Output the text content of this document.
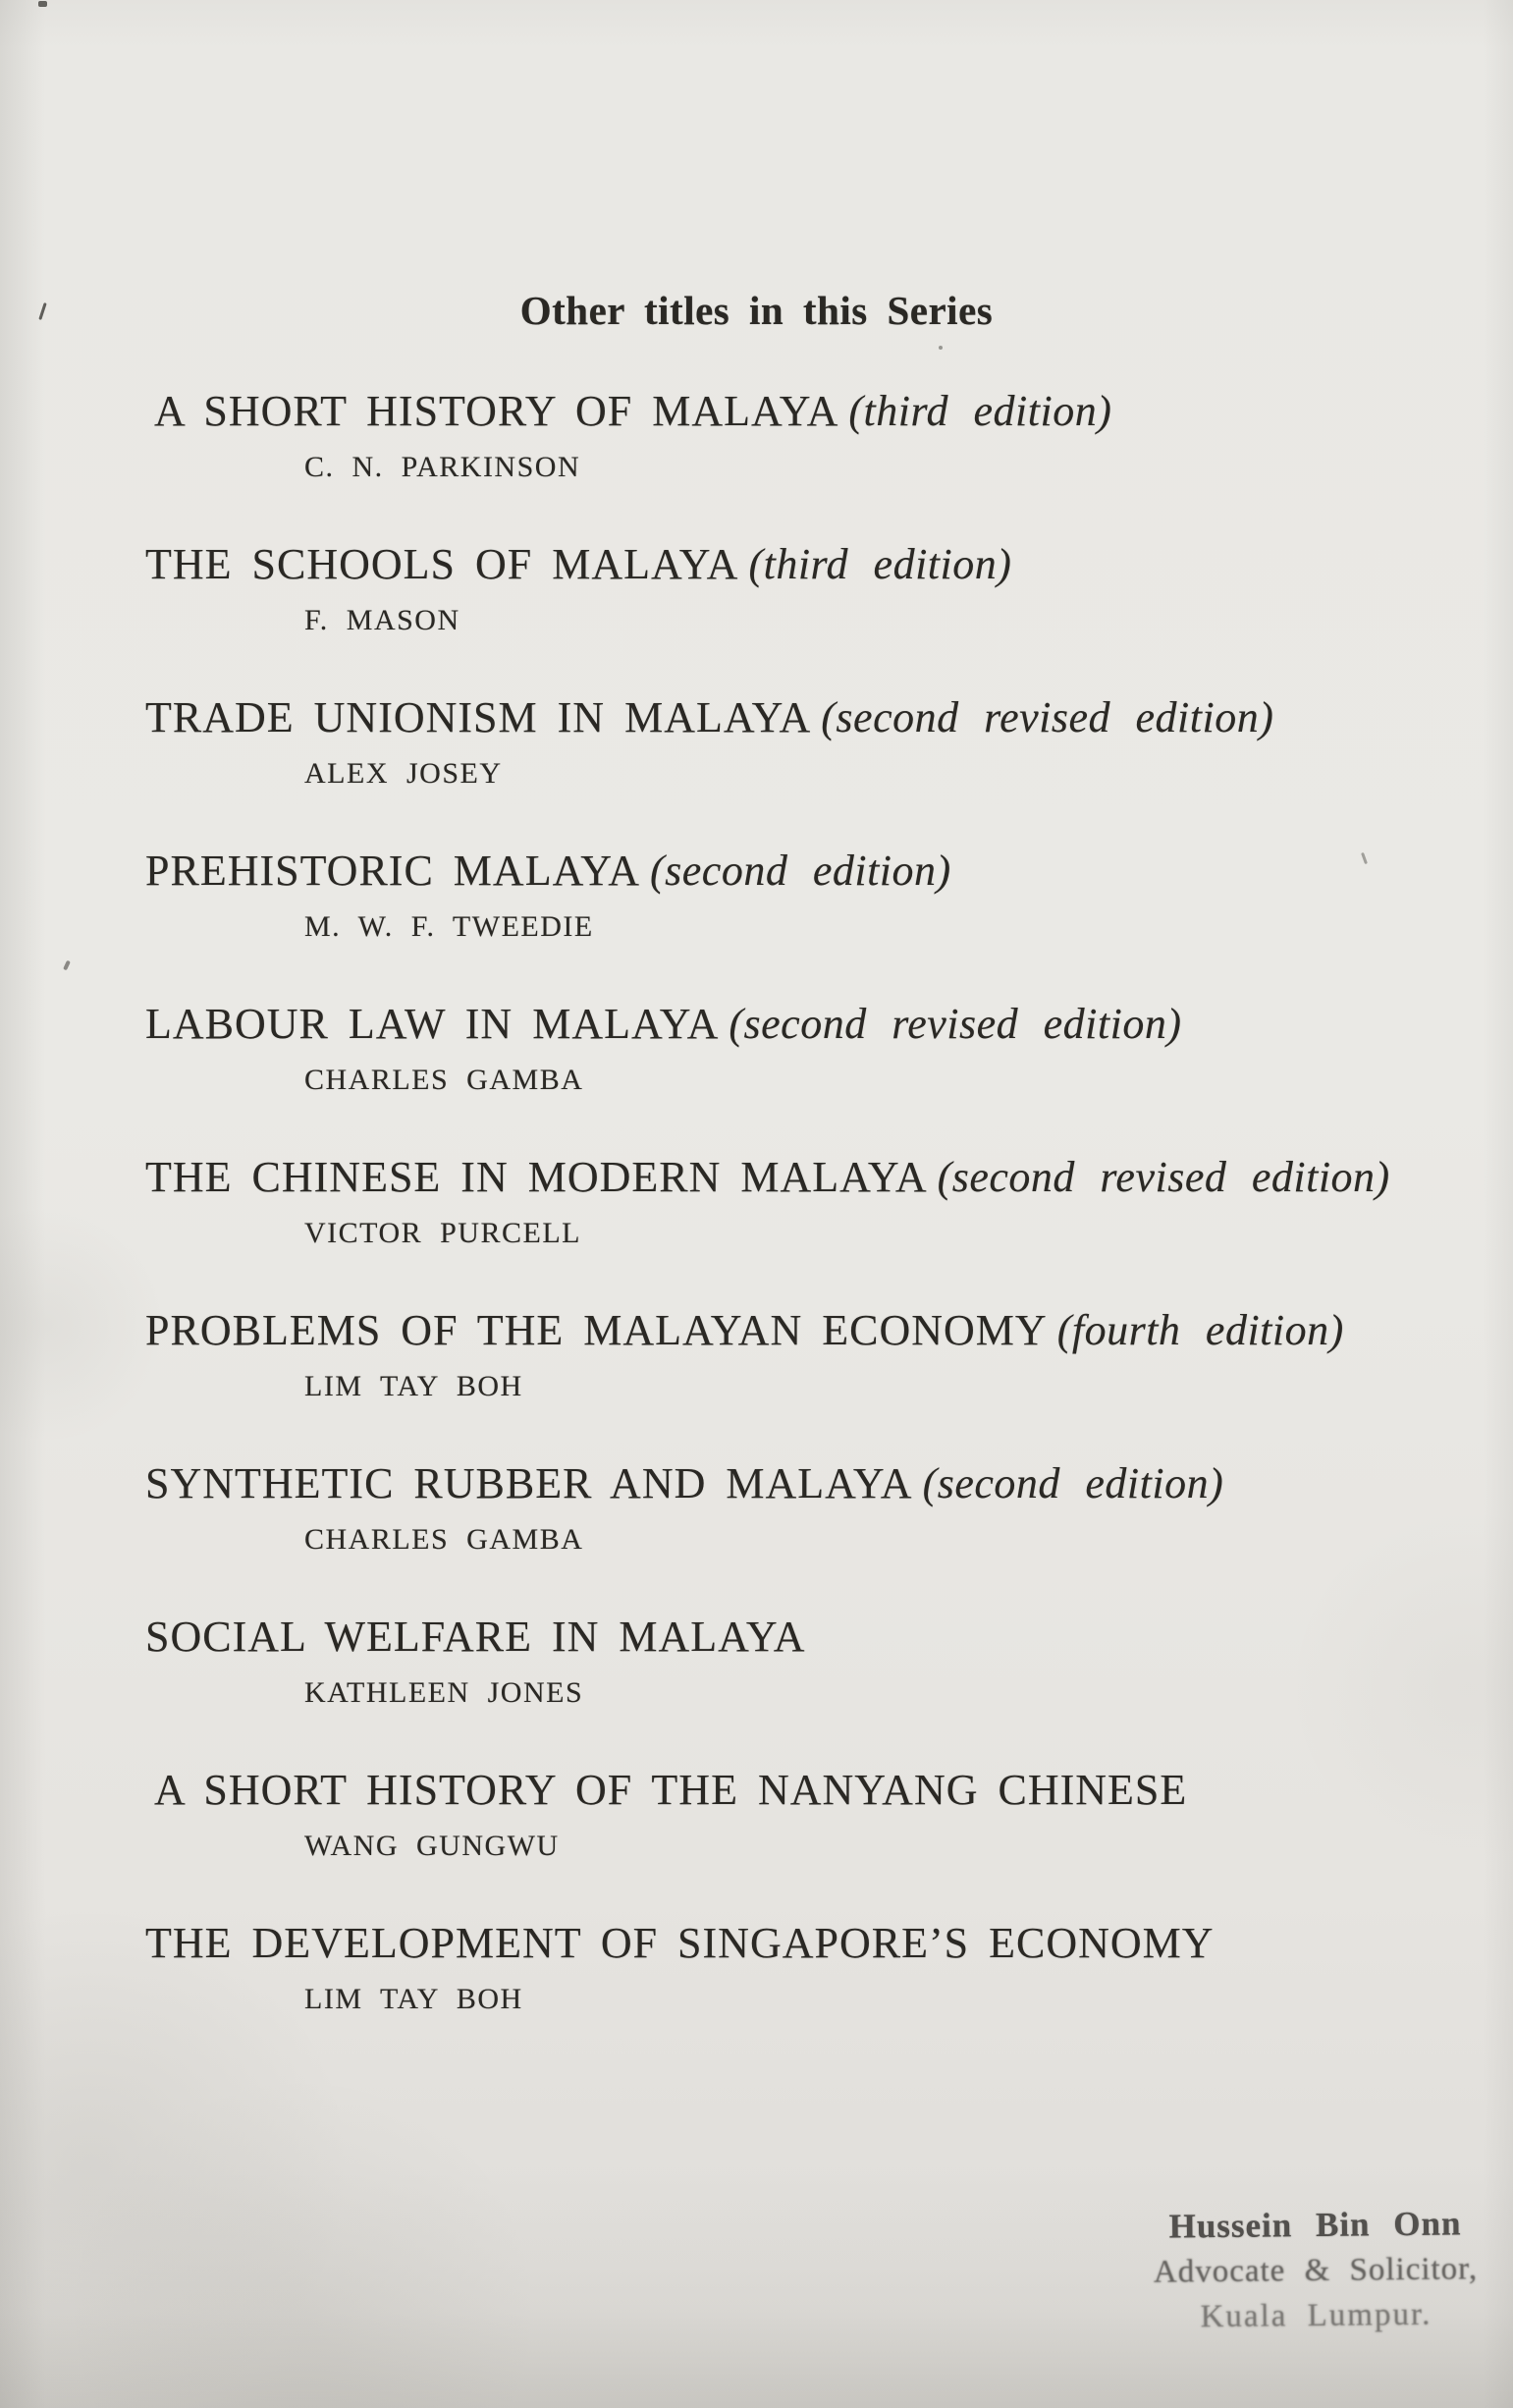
Other titles in this Series
A SHORT HISTORY OF MALAYA (third edition)
C. N. PARKINSON
THE SCHOOLS OF MALAYA (third edition)
F. MASON
TRADE UNIONISM IN MALAYA (second revised edition)
ALEX JOSEY
PREHISTORIC MALAYA (second edition)
M. W. F. TWEEDIE
LABOUR LAW IN MALAYA (second revised edition)
CHARLES GAMBA
THE CHINESE IN MODERN MALAYA (second revised edition)
VICTOR PURCELL
PROBLEMS OF THE MALAYAN ECONOMY (fourth edition)
LIM TAY BOH
SYNTHETIC RUBBER AND MALAYA (second edition)
CHARLES GAMBA
SOCIAL WELFARE IN MALAYA
KATHLEEN JONES
A SHORT HISTORY OF THE NANYANG CHINESE
WANG GUNGWU
THE DEVELOPMENT OF SINGAPORE’S ECONOMY
LIM TAY BOH
Hussein Bin Onn
Advocate & Solicitor,
Kuala Lumpur.
